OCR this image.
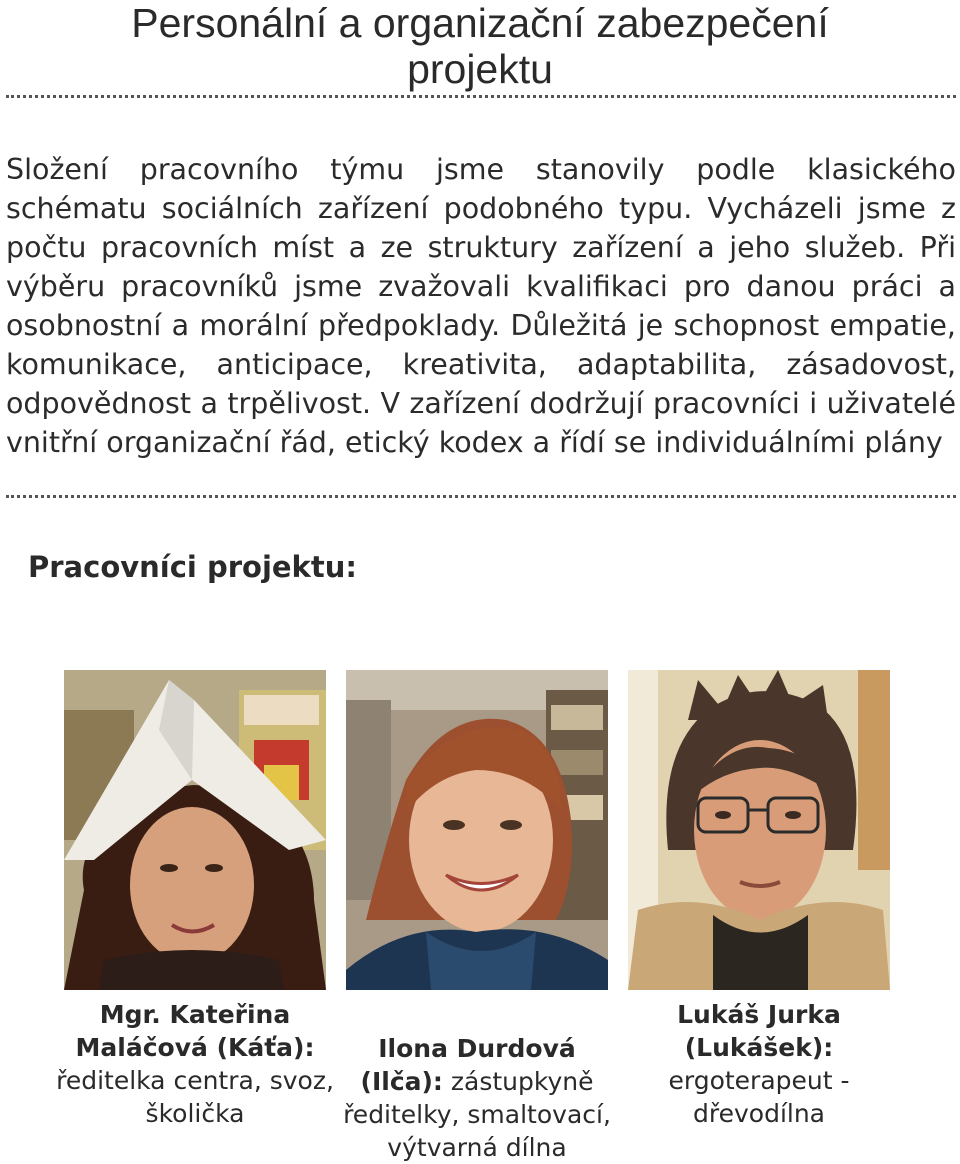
Personální a organizační zabezpečení
projektu

Složení pracovního týmu jsme stanovily podle klasického schématu sociálních zařízení podobného typu. Vycházeli jsme z počtu pracovních míst a ze struktury zařízení a jeho služeb. Při výběru pracovníků jsme zvažovali kvalifikaci pro danou práci a osobnostní a morální předpoklady. Důležitá je schopnost empatie, komunikace, anticipace, kreativita, adaptabilita, zásadovost, odpovědnost a trpělivost. V zařízení dodržují pracovníci i uživatelé vnitřní organizační řád, etický kodex a řídí se individuálními plány

Pracovníci projektu:
Mgr. Kateřina
Maláčová (Káťa): ředitelka centra, svoz, školička
Ilona Durdová
(Ilča): zástupkyně ředitelky, smaltovací, výtvarná dílna
Lukáš Jurka
(Lukášek): ergoterapeut - dřevodílna
